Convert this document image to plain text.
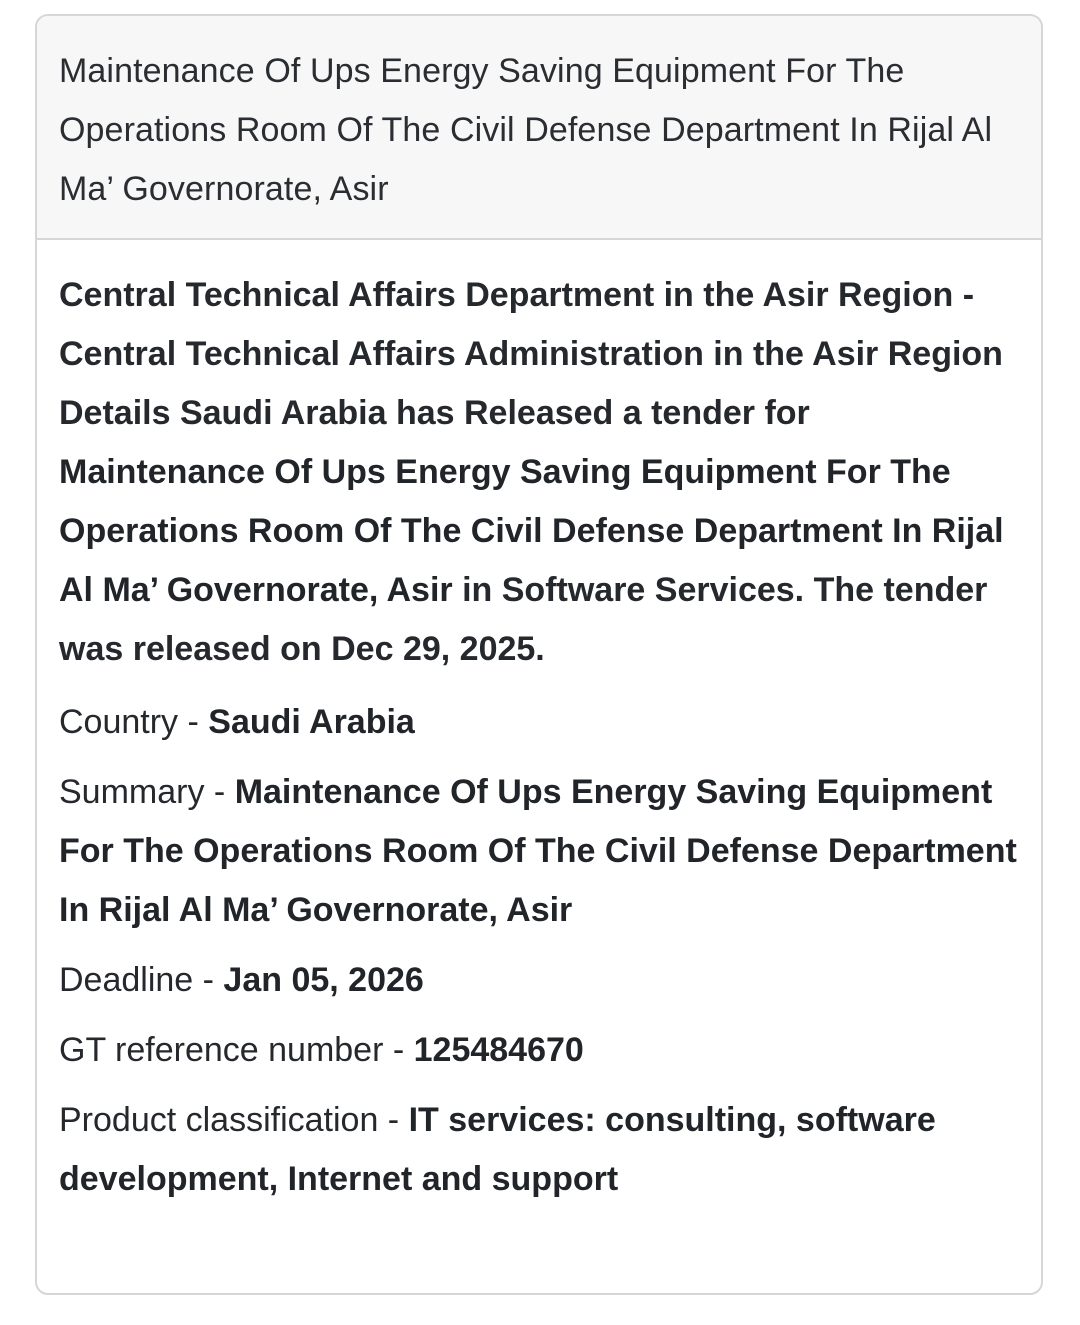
Maintenance Of Ups Energy Saving Equipment For The Operations Room Of The Civil Defense Department In Rijal Al Ma’ Governorate, Asir

Central Technical Affairs Department in the Asir Region - Central Technical Affairs Administration in the Asir Region Details Saudi Arabia has Released a tender for Maintenance Of Ups Energy Saving Equipment For The Operations Room Of The Civil Defense Department In Rijal Al Ma’ Governorate, Asir in Software Services. The tender was released on Dec 29, 2025.

Country - Saudi Arabia

Summary - Maintenance Of Ups Energy Saving Equipment For The Operations Room Of The Civil Defense Department In Rijal Al Ma’ Governorate, Asir

Deadline - Jan 05, 2026

GT reference number - 125484670

Product classification - IT services: consulting, software development, Internet and support
